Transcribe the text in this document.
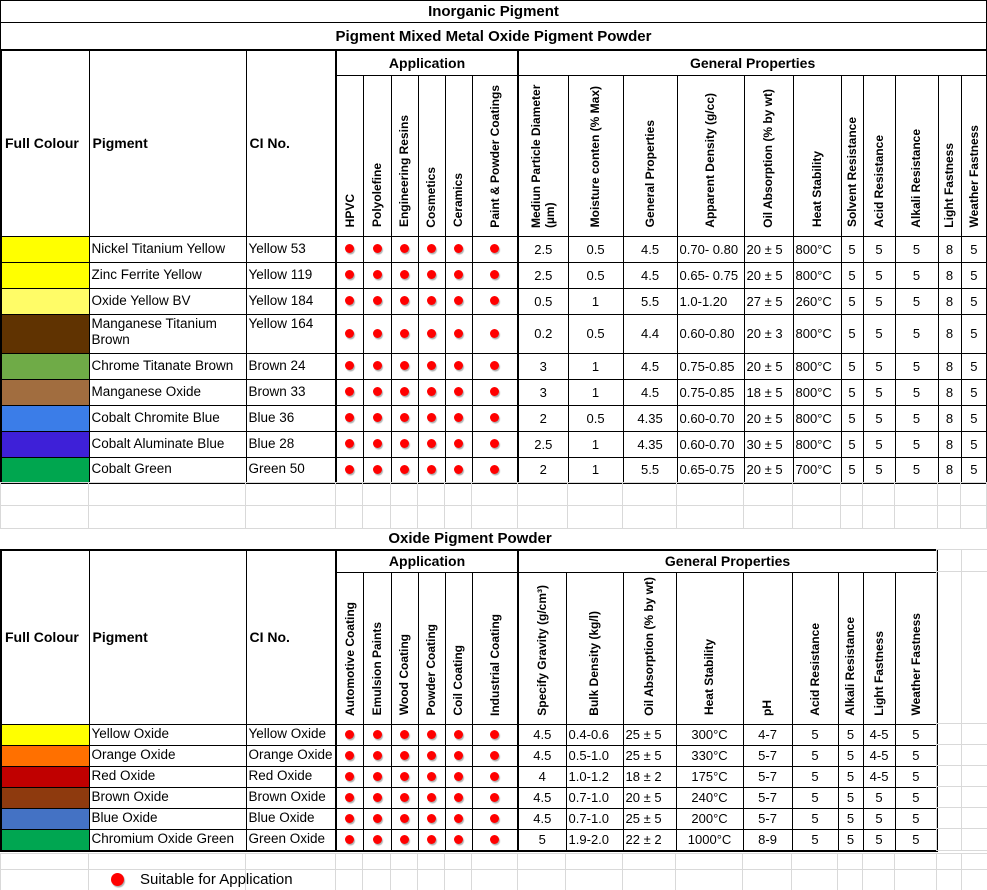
Inorganic Pigment
Pigment Mixed Metal Oxide Pigment Powder
Full Colour	Pigment	CI No.	Application						General Properties										
			HPVC	Polyolefine	Engineering Resins	Cosmetics	Ceramics	Paint & Powder Coatings	Mediun Particle Diameter (µm)	Moisture conten (% Max)	General Properties	Apparent Density (g/cc)	Oil Absorption (% by wt)	Heat Stability	Solvent Resistance	Acid Resistance	Alkali Resistance	Light Fastness	Weather Fastness
	Nickel Titanium Yellow	Yellow 53							2.5	0.5	4.5	0.70- 0.80	20 ± 5	800°C	5	5	5	8	5
	Zinc Ferrite Yellow	Yellow 119							2.5	0.5	4.5	0.65- 0.75	20 ± 5	800°C	5	5	5	8	5
	Oxide Yellow BV	Yellow 184							0.5	1	5.5	1.0-1.20	27 ± 5	260°C	5	5	5	8	5
	Manganese Titanium Brown	Yellow 164							0.2	0.5	4.4	0.60-0.80	20 ± 3	800°C	5	5	5	8	5
	Chrome Titanate Brown	Brown 24							3	1	4.5	0.75-0.85	20 ± 5	800°C	5	5	5	8	5
	Manganese Oxide	Brown 33							3	1	4.5	0.75-0.85	18 ± 5	800°C	5	5	5	8	5
	Cobalt Chromite Blue	Blue 36							2	0.5	4.35	0.60-0.70	20 ± 5	800°C	5	5	5	8	5
	Cobalt Aluminate Blue	Blue 28							2.5	1	4.35	0.60-0.70	30 ± 5	800°C	5	5	5	8	5
	Cobalt Green	Green 50							2	1	5.5	0.65-0.75	20 ± 5	700°C	5	5	5	8	5

Oxide Pigment Powder
Full Colour	Pigment	CI No.	Application						General Properties								
			Automotive Coating	Emulsion Paints	Wood Coating	Powder Coating	Coil Coating	Industrial Coating	Specify Gravity (g/cm³)	Bulk Density (kg/l)	Oil Absorption (% by wt)	Heat Stability	pH	Acid Resistance	Alkali Resistance	Light Fastness	Weather Fastness
	Yellow Oxide	Yellow Oxide							4.5	0.4-0.6	25 ± 5	300°C	4-7	5	5	4-5	5
	Orange Oxide	Orange Oxide							4.5	0.5-1.0	25 ± 5	330°C	5-7	5	5	4-5	5
	Red Oxide	Red Oxide							4	1.0-1.2	18 ± 2	175°C	5-7	5	5	4-5	5
	Brown Oxide	Brown Oxide							4.5	0.7-1.0	20 ± 5	240°C	5-7	5	5	5	5
	Blue Oxide	Blue Oxide							4.5	0.7-1.0	25 ± 5	200°C	5-7	5	5	5	5
	Chromium Oxide Green	Green Oxide							5	1.9-2.0	22 ± 2	1000°C	8-9	5	5	5	5

Suitable for Application
